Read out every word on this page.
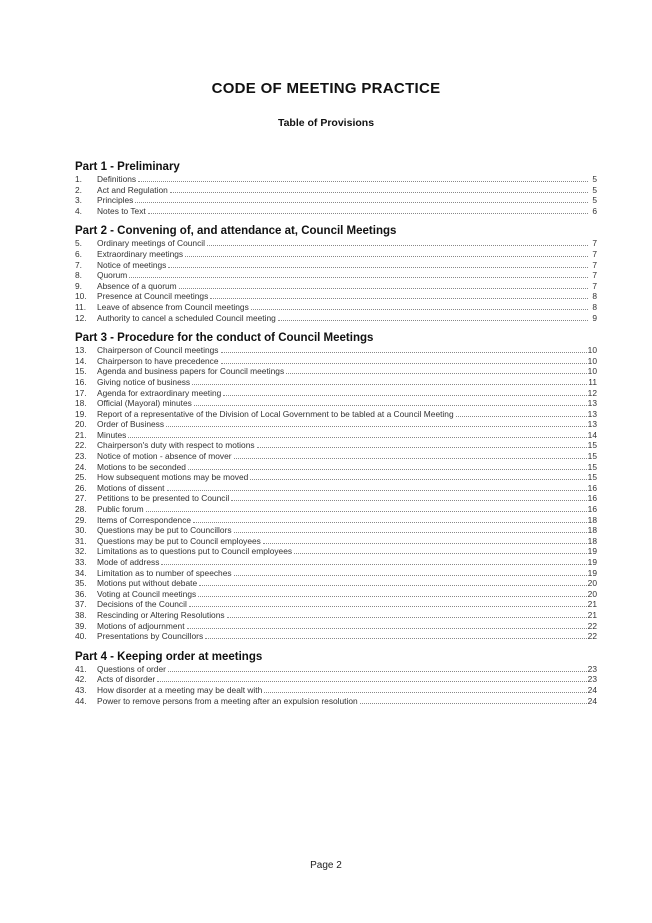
CODE OF MEETING PRACTICE
Table of Provisions
Part 1 - Preliminary
1.	Definitions	5
2.	Act and Regulation	5
3.	Principles	5
4.	Notes to Text	6
Part 2 - Convening of, and attendance at, Council Meetings
5.	Ordinary meetings of Council	7
6.	Extraordinary meetings	7
7.	Notice of meetings	7
8.	Quorum	7
9.	Absence of a quorum	7
10.	Presence at Council meetings	8
11.	Leave of absence from Council meetings	8
12.	Authority to cancel a scheduled Council meeting	9
Part 3 - Procedure for the conduct of Council Meetings
13.	Chairperson of Council meetings	10
14.	Chairperson to have precedence	10
15.	Agenda and business papers for Council meetings	10
16.	Giving notice of business	11
17.	Agenda for extraordinary meeting	12
18.	Official (Mayoral) minutes	13
19.	Report of a representative of the Division of Local Government to be tabled at a Council Meeting	13
20.	Order of Business	13
21.	Minutes	14
22.	Chairperson's duty with respect to motions	15
23.	Notice of motion - absence of mover	15
24.	Motions to be seconded	15
25.	How subsequent motions may be moved	15
26.	Motions of dissent	16
27.	Petitions to be presented to Council	16
28.	Public forum	16
29.	Items of Correspondence	18
30.	Questions may be put to Councillors	18
31.	Questions may be put to Council employees	18
32.	Limitations as to questions put to Council employees	19
33.	Mode of address	19
34.	Limitation as to number of speeches	19
35.	Motions put without debate	20
36.	Voting at Council meetings	20
37.	Decisions of the Council	21
38.	Rescinding or Altering Resolutions	21
39.	Motions of adjournment	22
40.	Presentations by Councillors	22
Part 4 - Keeping order at meetings
41.	Questions of order	23
42.	Acts of disorder	23
43.	How disorder at a meeting may be dealt with	24
44.	Power to remove persons from a meeting after an expulsion resolution	24
Page 2
